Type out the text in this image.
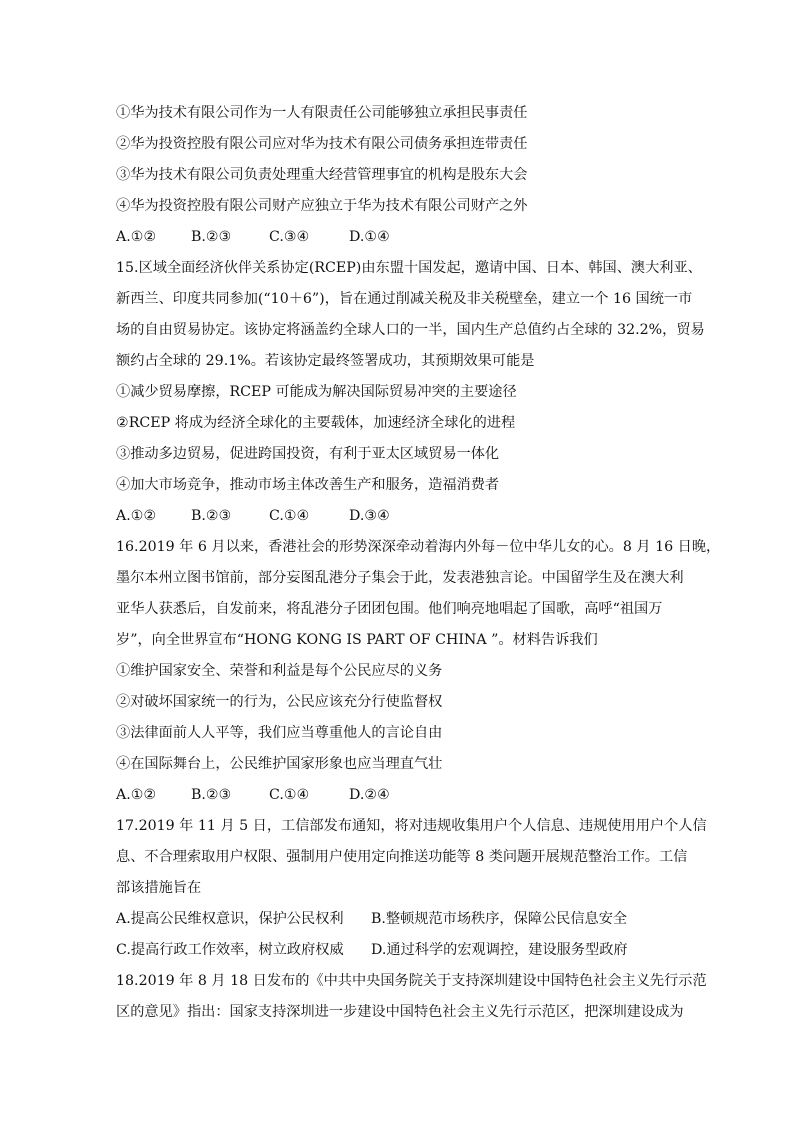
①华为技术有限公司作为一人有限责任公司能够独立承担民事责任
②华为投资控股有限公司应对华为技术有限公司债务承担连带责任
③华为技术有限公司负责处理重大经营管理事宜的机构是股东大会
④华为投资控股有限公司财产应独立于华为技术有限公司财产之外
A.①② B.②③	C.③④	D.①④
15.区域全面经济伙伴关系协定(RCEP)由东盟十国发起，邀请中国、日本、韩国、澳大利亚、
新西兰、印度共同参加(“10＋6”)，旨在通过削减关税及非关税壁垒，建立一个 16 国统一市
场的自由贸易协定。该协定将涵盖约全球人口的一半，国内生产总值约占全球的 32.2%，贸易
额约占全球的 29.1%。若该协定最终签署成功，其预期效果可能是
①减少贸易摩擦，RCEP 可能成为解决国际贸易冲突的主要途径
②RCEP 将成为经济全球化的主要载体，加速经济全球化的进程
③推动多边贸易，促进跨国投资，有利于亚太区域贸易一体化
④加大市场竞争，推动市场主体改善生产和服务，造福消费者
A.①② B.②③	C.①④	D.③④
16.2019 年 6 月以来，香港社会的形势深深牵动着海内外每－位中华儿女的心。8 月 16 日晚，
墨尔本州立图书馆前，部分妄图乱港分子集会于此，发表港独言论。中国留学生及在澳大利
亚华人获悉后，自发前来，将乱港分子团团包围。他们响亮地唱起了国歌，高呼“祖国万
岁”，向全世界宣布“HONG KONG IS PART OF CHINA ”。材料告诉我们
①维护国家安全、荣誉和利益是每个公民应尽的义务
②对破坏国家统一的行为，公民应该充分行使监督权
③法律面前人人平等，我们应当尊重他人的言论自由
④在国际舞台上，公民维护国家形象也应当理直气壮
A.①② B.②③	C.①④	D.②④
17.2019 年 11 月 5 日，工信部发布通知，将对违规收集用户个人信息、违规使用用户个人信
息、不合理索取用户权限、强制用户使用定向推送功能等 8 类问题开展规范整治工作。工信
部该措施旨在
A.提高公民维权意识，保护公民权利 B.整顿规范市场秩序，保障公民信息安全
C.提高行政工作效率，树立政府权威 D.通过科学的宏观调控，建设服务型政府
18.2019 年 8 月 18 日发布的《中共中央国务院关于支持深圳建设中国特色社会主义先行示范
区的意见》指出：国家支持深圳进一步建设中国特色社会主义先行示范区，把深圳建设成为
